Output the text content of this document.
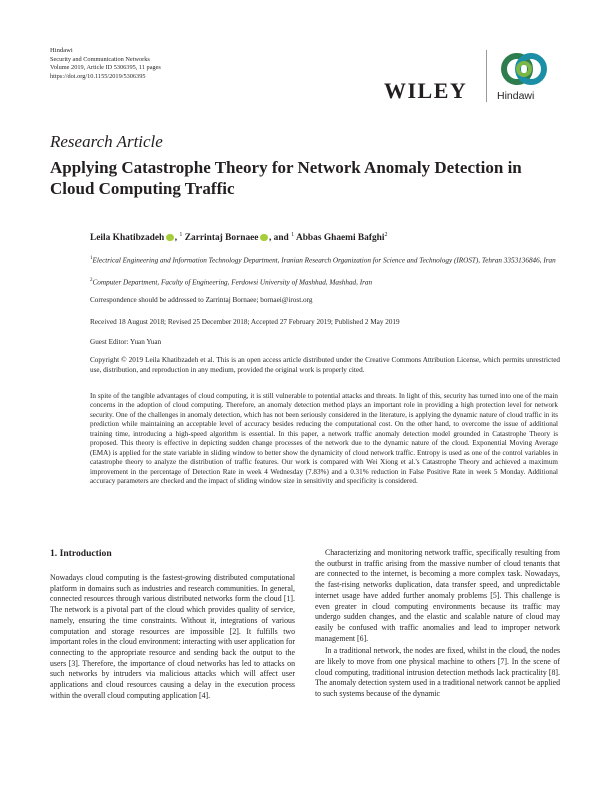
Hindawi
Security and Communication Networks
Volume 2019, Article ID 5306395, 11 pages
https://doi.org/10.1155/2019/5306395
WILEY	Hindawi
Research Article
Applying Catastrophe Theory for Network Anomaly Detection in Cloud Computing Traffic
Leila Khatibzadeh , $^1$ Zarrintaj Bornaee , and $^1$ Abbas Ghaemi Bafghi$^2$
$^1$Electrical Engineering and Information Technology Department, Iranian Research Organization for Science and Technology (IROST), Tehran 3353136846, Iran
$^2$Computer Department, Faculty of Engineering, Ferdowsi University of Mashhad, Mashhad, Iran
Correspondence should be addressed to Zarrintaj Bornaee; bornaei@irost.org
Received 18 August 2018; Revised 25 December 2018; Accepted 27 February 2019; Published 2 May 2019
Guest Editor: Yuan Yuan
Copyright © 2019 Leila Khatibzadeh et al. This is an open access article distributed under the Creative Commons Attribution License, which permits unrestricted use, distribution, and reproduction in any medium, provided the original work is properly cited.
In spite of the tangible advantages of cloud computing, it is still vulnerable to potential attacks and threats. In light of this, security has turned into one of the main concerns in the adoption of cloud computing. Therefore, an anomaly detection method plays an important role in providing a high protection level for network security. One of the challenges in anomaly detection, which has not been seriously considered in the literature, is applying the dynamic nature of cloud traffic in its prediction while maintaining an acceptable level of accuracy besides reducing the computational cost. On the other hand, to overcome the issue of additional training time, introducing a high-speed algorithm is essential. In this paper, a network traffic anomaly detection model grounded in Catastrophe Theory is proposed. This theory is effective in depicting sudden change processes of the network due to the dynamic nature of the cloud. Exponential Moving Average (EMA) is applied for the state variable in sliding window to better show the dynamicity of cloud network traffic. Entropy is used as one of the control variables in catastrophe theory to analyze the distribution of traffic features. Our work is compared with Wei Xiong et al.'s Catastrophe Theory and achieved a maximum improvement in the percentage of Detection Rate in week 4 Wednesday (7.83%) and a 0.31% reduction in False Positive Rate in week 5 Monday. Additional accuracy parameters are checked and the impact of sliding window size in sensitivity and specificity is considered.
1. Introduction

Nowadays cloud computing is the fastest-growing distributed computational platform in domains such as industries and research communities. In general, connected resources through various distributed networks form the cloud [1]. The network is a pivotal part of the cloud which provides quality of service, namely, ensuring the time constraints. Without it, integrations of various computation and storage resources are impossible [2]. It fulfills two important roles in the cloud environment: interacting with user application for connecting to the appropriate resource and sending back the output to the users [3]. Therefore, the importance of cloud networks has led to attacks on such networks by intruders via malicious attacks which will affect user applications and cloud resources causing a delay in the execution process within the overall cloud computing application [4].

Characterizing and monitoring network traffic, specifically resulting from the outburst in traffic arising from the massive number of cloud tenants that are connected to the internet, is becoming a more complex task. Nowadays, the fast-rising networks duplication, data transfer speed, and unpredictable internet usage have added further anomaly problems [5]. This challenge is even greater in cloud computing environments because its traffic may undergo sudden changes, and the elastic and scalable nature of cloud may easily be confused with traffic anomalies and lead to improper network management [6].

In a traditional network, the nodes are fixed, whilst in the cloud, the nodes are likely to move from one physical machine to others [7]. In the scene of cloud computing, traditional intrusion detection methods lack practicality [8]. The anomaly detection system used in a traditional network cannot be applied to such systems because of the dynamic
